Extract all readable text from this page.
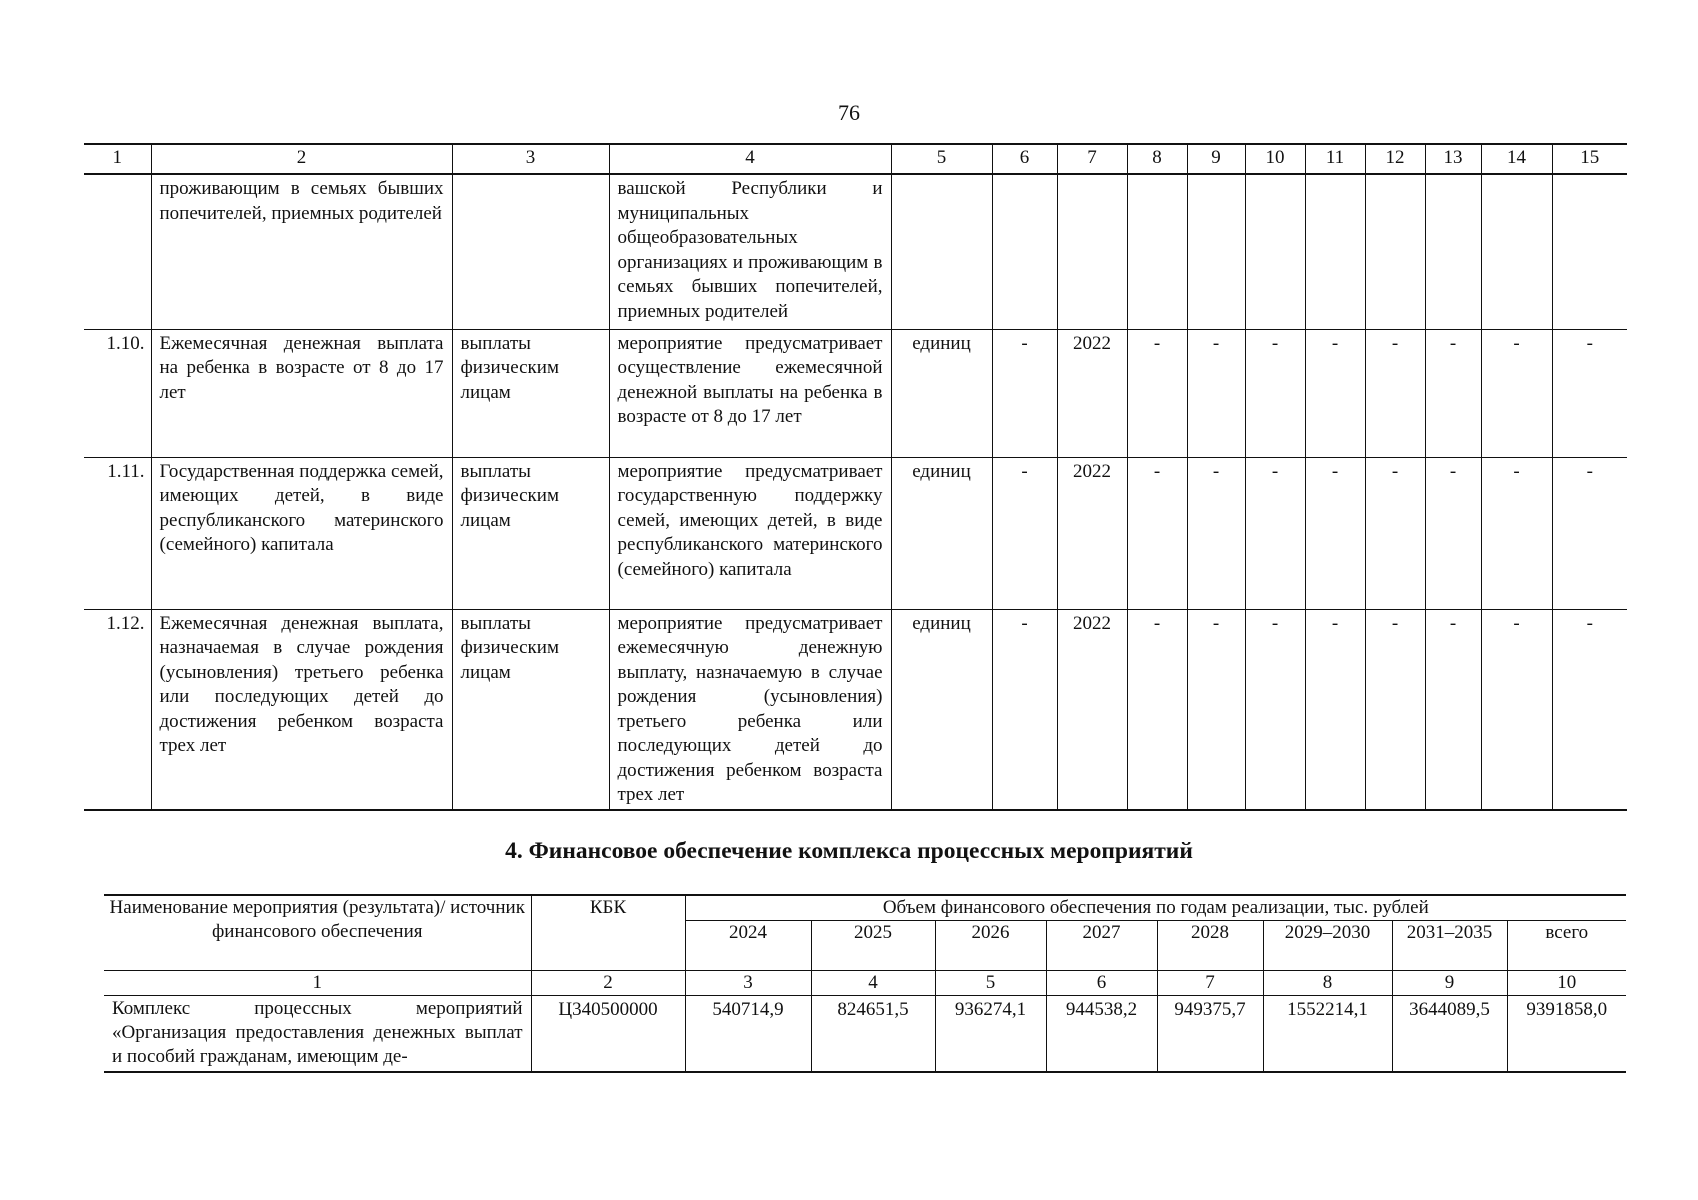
76
1	2	3	4	5	6	7	8	9	10	11	12	13	14	15
	проживающим в семьях бывших попечителей, приемных родителей		вашской Республики и муниципальных общеобразовательных организациях и проживающим в семьях бывших попечителей, приемных родителей											
1.10.	Ежемесячная денежная выплата на ребенка в возрасте от 8 до 17 лет	выплаты физическим лицам	мероприятие предусматривает осуществление ежемесячной денежной выплаты на ребенка в возрасте от 8 до 17 лет	единиц	-	2022	-	-	-	-	-	-	-	-
1.11.	Государственная поддержка семей, имеющих детей, в виде республиканского материнского (семейного) капитала	выплаты физическим лицам	мероприятие предусматривает государственную поддержку семей, имеющих детей, в виде республиканского материнского (семейного) капитала	единиц	-	2022	-	-	-	-	-	-	-	-
1.12.	Ежемесячная денежная выплата, назначаемая в случае рождения (усыновления) третьего ребенка или последующих детей до достижения ребенком возраста трех лет	выплаты физическим лицам	мероприятие предусматривает ежемесячную денежную выплату, назначаемую в случае рождения (усыновления) третьего ребенка или последующих детей до достижения ребенком возраста трех лет	единиц	-	2022	-	-	-	-	-	-	-	-
4. Финансовое обеспечение комплекса процессных мероприятий
Наименование мероприятия (результата)/ источник финансового обеспечения	КБК	Объем финансового обеспечения по годам реализации, тыс. рублей							
		2024	2025	2026	2027	2028	2029–2030	2031–2035	всего
1	2	3	4	5	6	7	8	9	10
Комплекс процессных мероприятий «Организация предоставления денежных выплат и пособий гражданам, имеющим де-	Ц340500000	540714,9	824651,5	936274,1	944538,2	949375,7	1552214,1	3644089,5	9391858,0
